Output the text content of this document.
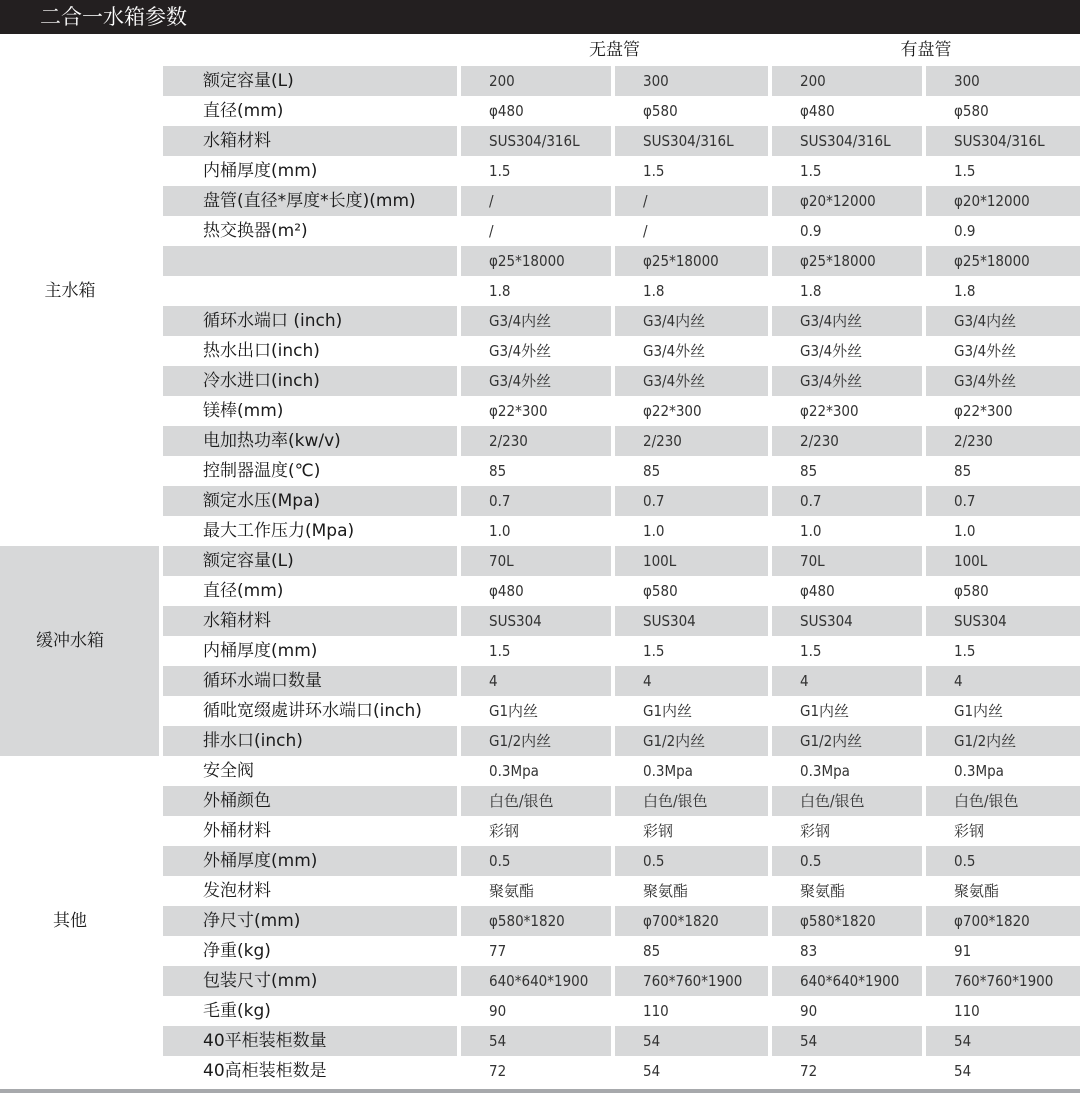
二合一水箱参数
无盘管	有盘管
主水箱
缓冲水箱
其他
额定容量(L)	200	300	200	300
直径(mm)	φ480	φ580	φ480	φ580
水箱材料	SUS304/316L	SUS304/316L	SUS304/316L	SUS304/316L
内桶厚度(mm)	1.5	1.5	1.5	1.5
盘管(直径*厚度*长度)(mm)	/	/	φ20*12000	φ20*12000
热交换器(m²)	/	/	0.9	0.9
φ25*18000	φ25*18000	φ25*18000	φ25*18000
1.8	1.8	1.8	1.8
循环水端口 (inch)	G3/4内丝	G3/4内丝	G3/4内丝	G3/4内丝
热水出口(inch)	G3/4外丝	G3/4外丝	G3/4外丝	G3/4外丝
冷水进口(inch)	G3/4外丝	G3/4外丝	G3/4外丝	G3/4外丝
镁棒(mm)	φ22*300	φ22*300	φ22*300	φ22*300
电加热功率(kw/v)	2/230	2/230	2/230	2/230
控制器温度(℃)	85	85	85	85
额定水压(Mpa)	0.7	0.7	0.7	0.7
最大工作压力(Mpa)	1.0	1.0	1.0	1.0
额定容量(L)	70L	100L	70L	100L
直径(mm)	φ480	φ580	φ480	φ580
水箱材料	SUS304	SUS304	SUS304	SUS304
内桶厚度(mm)	1.5	1.5	1.5	1.5
循环水端口数量	4	4	4	4
循吡宽缀處讲环水端口(inch)	G1内丝	G1内丝	G1内丝	G1内丝
排水口(inch)	G1/2内丝	G1/2内丝	G1/2内丝	G1/2内丝
安全阀	0.3Mpa	0.3Mpa	0.3Mpa	0.3Mpa
外桶颜色	白色/银色	白色/银色	白色/银色	白色/银色
外桶材料	彩钢	彩钢	彩钢	彩钢
外桶厚度(mm)	0.5	0.5	0.5	0.5
发泡材料	聚氨酯	聚氨酯	聚氨酯	聚氨酯
净尺寸(mm)	φ580*1820	φ700*1820	φ580*1820	φ700*1820
净重(kg)	77	85	83	91
包装尺寸(mm)	640*640*1900	760*760*1900	640*640*1900	760*760*1900
毛重(kg)	90	110	90	110
40平柜装柜数量	54	54	54	54
40高柜装柜数是	72	54	72	54
